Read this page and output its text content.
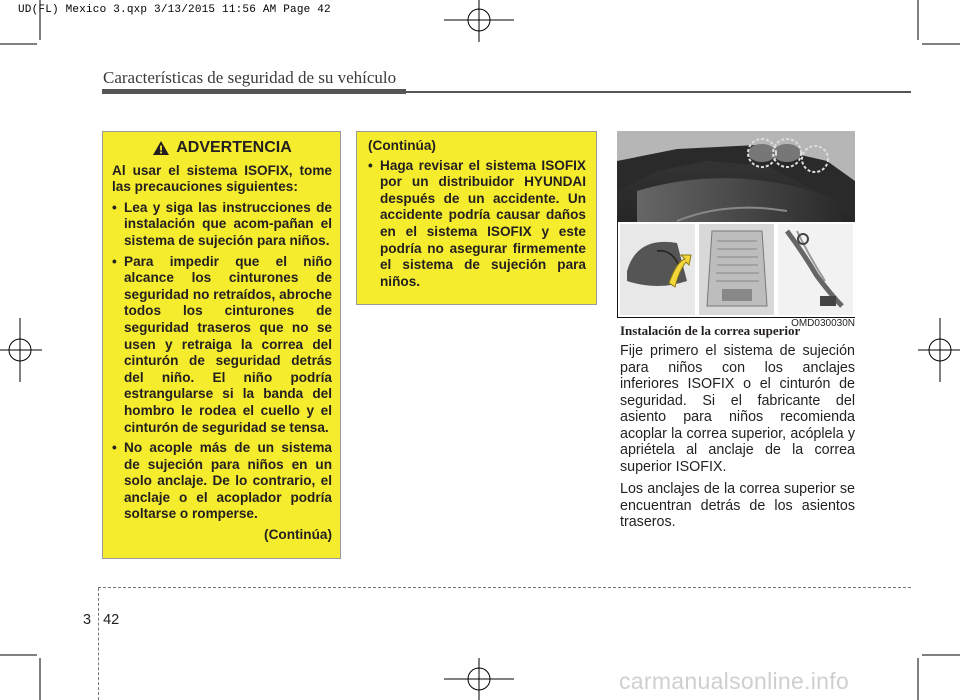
UD(FL) Mexico 3.qxp 3/13/2015 11:56 AM Page 42
Características de seguridad de su vehículo
ADVERTENCIA
Al usar el sistema ISOFIX, tome las precauciones siguientes:
• Lea y siga las instrucciones de instalación que acom-pañan el sistema de sujeción para niños.
• Para impedir que el niño alcance los cinturones de seguridad no retraídos, abroche todos los cinturones de seguridad traseros que no se usen y retraiga la correa del cinturón de seguridad detrás del niño. El niño podría estrangularse si la banda del hombro le rodea el cuello y el cinturón de seguridad se tensa.
• No acople más de un sistema de sujeción para niños en un solo anclaje. De lo contrario, el anclaje o el acoplador podría soltarse o romperse.
(Continúa)
(Continúa)
• Haga revisar el sistema ISOFIX por un distribuidor HYUNDAI después de un accidente. Un accidente podría causar daños en el sistema ISOFIX y este podría no asegurar firmemente el sistema de sujeción para niños.
OMD030030N
Instalación de la correa superior

Fije primero el sistema de sujeción para niños con los anclajes inferiores ISOFIX o el cinturón de seguridad. Si el fabricante del asiento para niños recomienda acoplar la correa superior, acóplela y apriétela al anclaje de la correa superior ISOFIX.

Los anclajes de la correa superior se encuentran detrás de los asientos traseros.

3 42
carmanualsonline.info
